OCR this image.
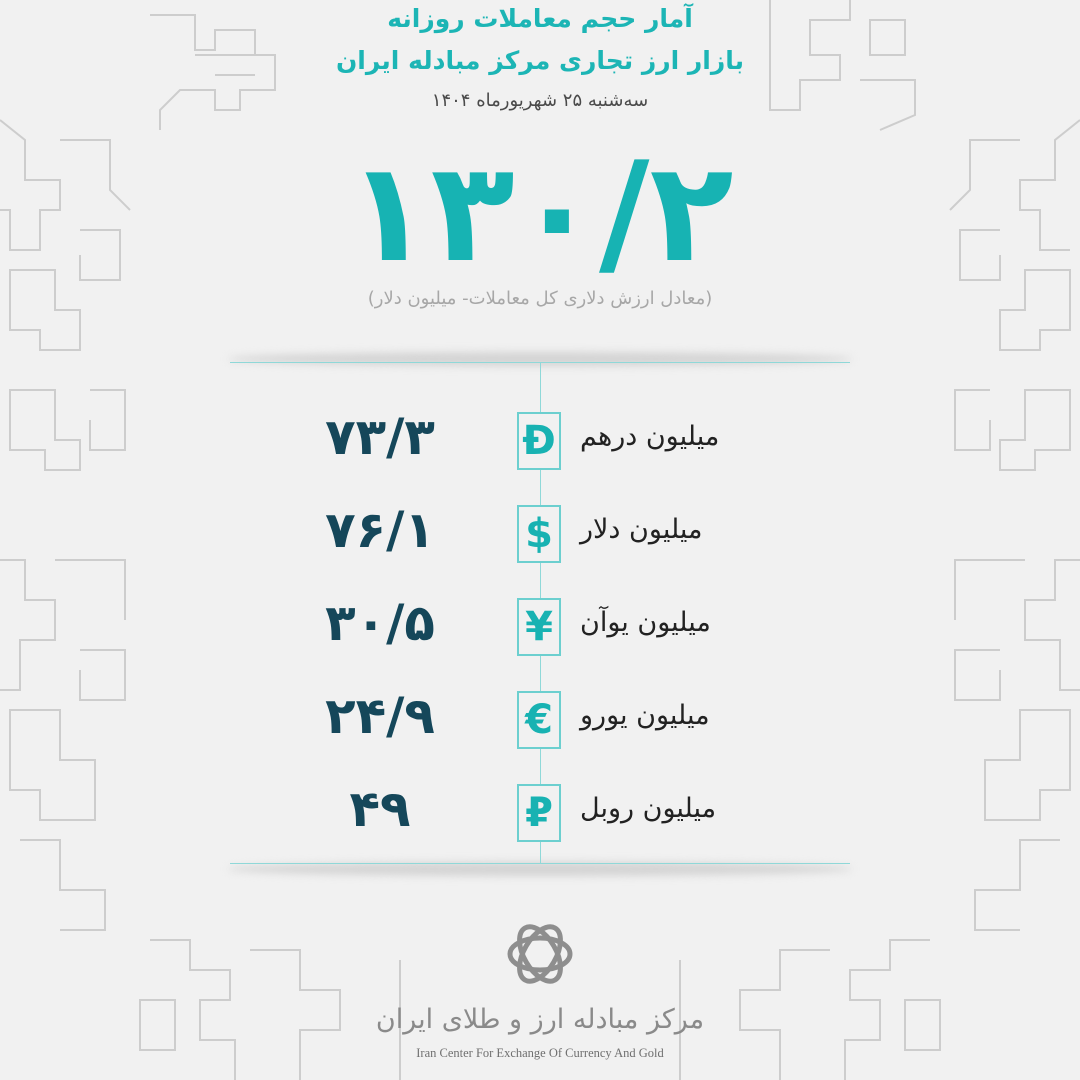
آمار حجم معاملات روزانه
بازار ارز تجاری مرکز مبادله ایران
سه‌شنبه ۲۵ شهریورماه ۱۴۰۴
۱۳۰/۲
(معادل ارزش دلاری کل معاملات- میلیون دلار)
۷۳/۳	Đ میلیون درهم
۷۶/۱	$ میلیون دلار
۳۰/۵	¥ میلیون یوآن
۲۴/۹	€ میلیون یورو
۴۹	₽ میلیون روبل
مرکز مبادله ارز و طلای ایران
Iran Center For Exchange Of Currency And Gold
